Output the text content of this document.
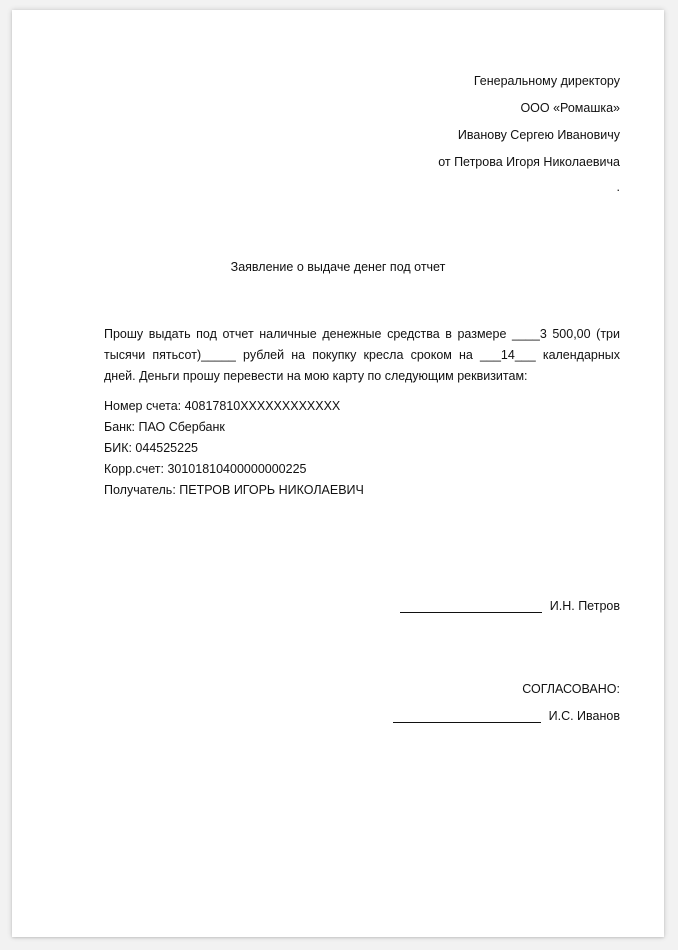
Генеральному директору
ООО «Ромашка»
Иванову Сергею Ивановичу
от Петрова Игоря Николаевича
.
Заявление о выдаче денег под отчет
Прошу выдать под отчет наличные денежные средства в размере ____3 500,00 (три тысячи пятьсот)_____ рублей на покупку кресла сроком на ___14___ календарных дней. Деньги прошу перевести на мою карту по следующим реквизитам:
Номер счета: 40817810XXXXXXXXXXXX
Банк: ПАО Сбербанк
БИК: 044525225
Корр.счет: 30101810400000000225
Получатель: ПЕТРОВ ИГОРЬ НИКОЛАЕВИЧ
И.Н. Петров
СОГЛАСОВАНО:
И.С. Иванов
